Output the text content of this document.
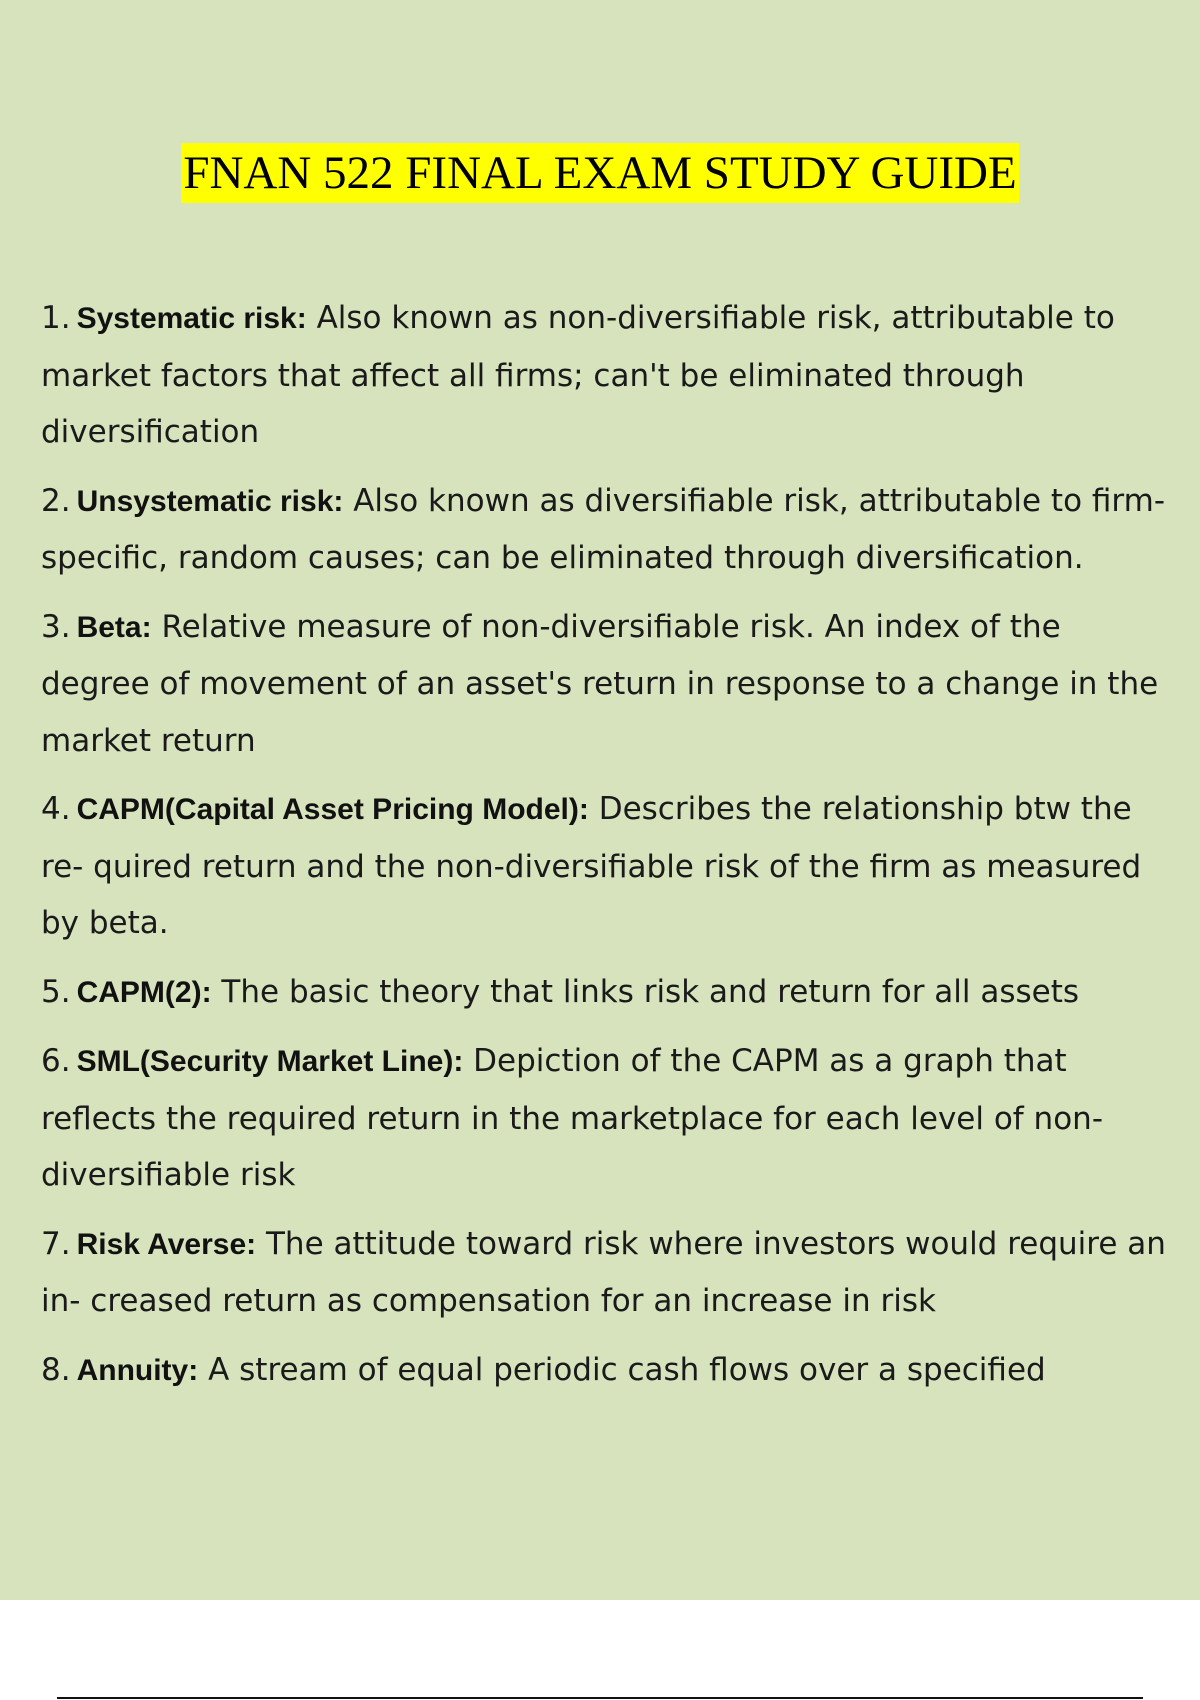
FNAN 522 FINAL EXAM STUDY GUIDE
1. Systematic risk: Also known as non-diversifiable risk, attributable to market factors that affect all firms; can't be eliminated through diversification
2. Unsystematic risk: Also known as diversifiable risk, attributable to firm-specific, random causes; can be eliminated through diversification.
3. Beta: Relative measure of non-diversifiable risk. An index of the degree of movement of an asset's return in response to a change in the market return
4. CAPM(Capital Asset Pricing Model): Describes the relationship btw the re- quired return and the non-diversifiable risk of the firm as measured by beta.
5. CAPM(2): The basic theory that links risk and return for all assets
6. SML(Security Market Line): Depiction of the CAPM as a graph that reflects the required return in the marketplace for each level of non-diversifiable risk
7. Risk Averse: The attitude toward risk where investors would require an in- creased return as compensation for an increase in risk
8. Annuity: A stream of equal periodic cash flows over a specified
